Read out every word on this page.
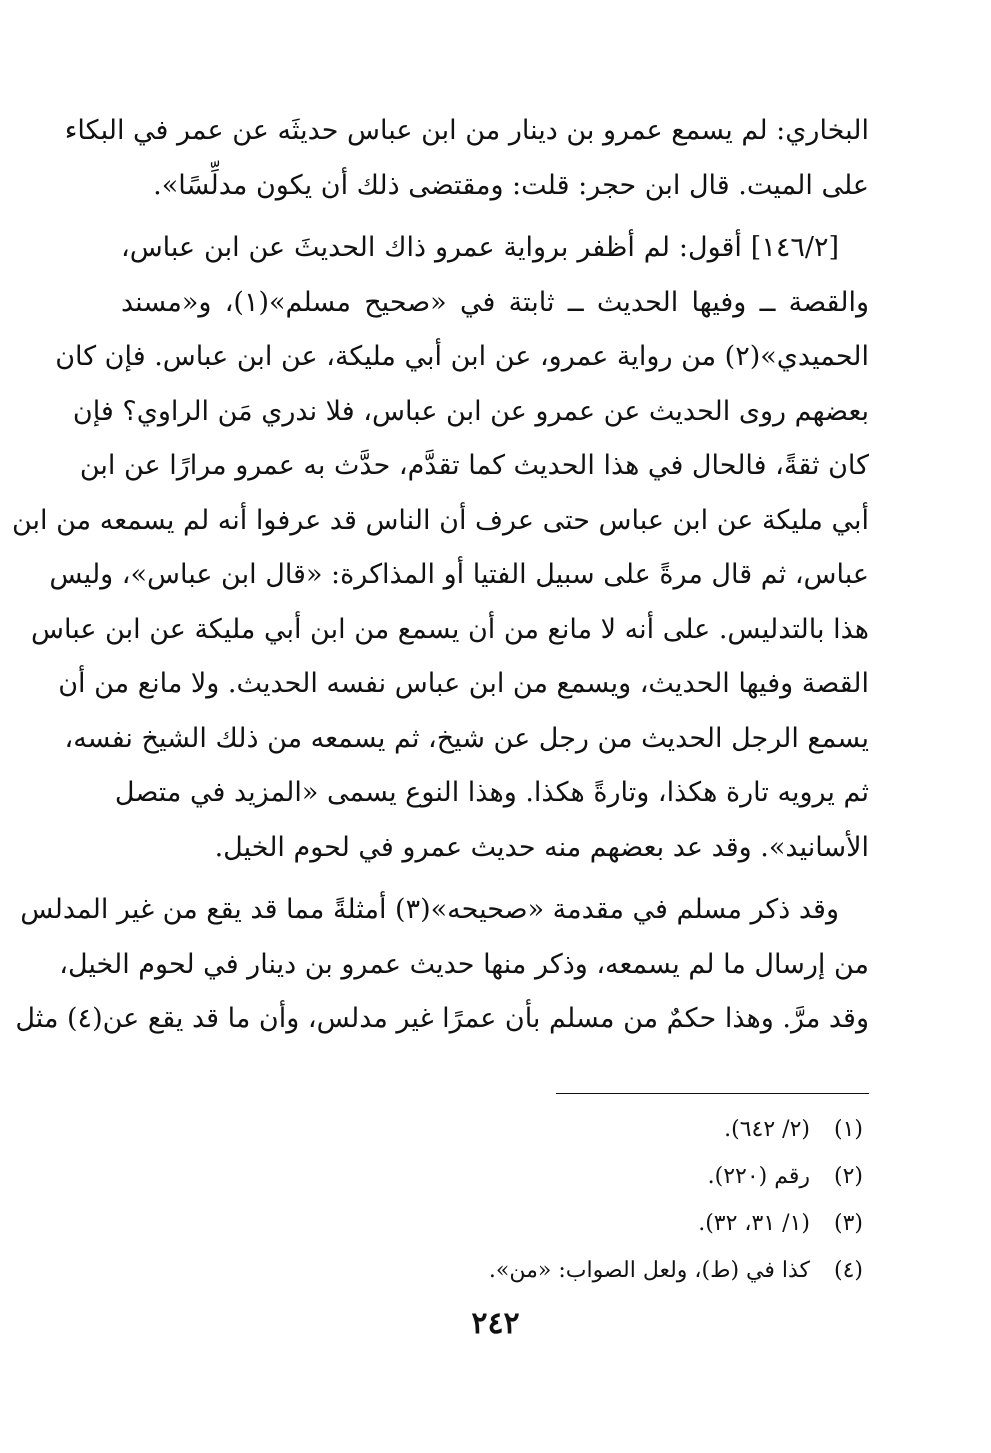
البخاري: لم يسمع عمرو بن دينار من ابن عباس حديثَه عن عمر في البكاء
على الميت. قال ابن حجر: قلت: ومقتضى ذلك أن يكون مدلِّسًا».

[١٤٦/٢] أقول: لم أظفر برواية عمرو ذاك الحديثَ عن ابن عباس،
والقصة ــ وفيها الحديث ــ ثابتة في «صحيح مسلم»(١)، و«مسند
الحميدي»(٢) من رواية عمرو، عن ابن أبي مليكة، عن ابن عباس. فإن كان
بعضهم روى الحديث عن عمرو عن ابن عباس، فلا ندري مَن الراوي؟ فإن
كان ثقةً، فالحال في هذا الحديث كما تقدَّم، حدَّث به عمرو مرارًا عن ابن
أبي مليكة عن ابن عباس حتى عرف أن الناس قد عرفوا أنه لم يسمعه من ابن
عباس، ثم قال مرةً على سبيل الفتيا أو المذاكرة: «قال ابن عباس»، وليس
هذا بالتدليس. على أنه لا مانع من أن يسمع من ابن أبي مليكة عن ابن عباس
القصة وفيها الحديث، ويسمع من ابن عباس نفسه الحديث. ولا مانع من أن
يسمع الرجل الحديث من رجل عن شيخ، ثم يسمعه من ذلك الشيخ نفسه،
ثم يرويه تارة هكذا، وتارةً هكذا. وهذا النوع يسمى «المزيد في متصل
الأسانيد». وقد عد بعضهم منه حديث عمرو في لحوم الخيل.

وقد ذكر مسلم في مقدمة «صحيحه»(٣) أمثلةً مما قد يقع من غير المدلس
من إرسال ما لم يسمعه، وذكر منها حديث عمرو بن دينار في لحوم الخيل،
وقد مرَّ. وهذا حكمٌ من مسلم بأن عمرًا غير مدلس، وأن ما قد يقع عن(٤) مثل

(١) (٢/ ٦٤٢).
(٢) رقم (٢٢٠).
(٣) (١/ ٣١، ٣٢).
(٤) كذا في (ط)، ولعل الصواب: «من».
٢٤٢
